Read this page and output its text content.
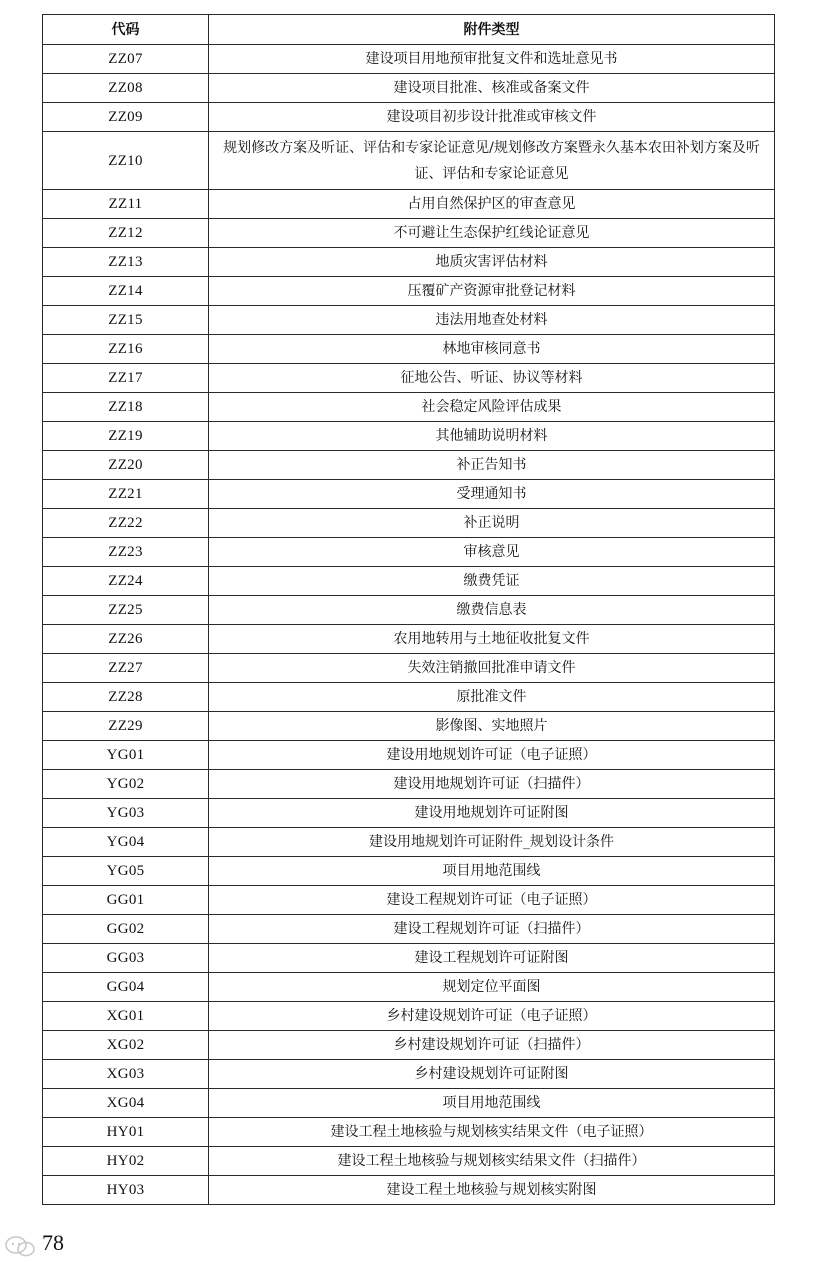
代码	附件类型
ZZ07	建设项目用地预审批复文件和选址意见书
ZZ08	建设项目批准、核准或备案文件
ZZ09	建设项目初步设计批准或审核文件
ZZ10	规划修改方案及听证、评估和专家论证意见/规划修改方案暨永久基本农田补划方案及听证、评估和专家论证意见
ZZ11	占用自然保护区的审查意见
ZZ12	不可避让生态保护红线论证意见
ZZ13	地质灾害评估材料
ZZ14	压覆矿产资源审批登记材料
ZZ15	违法用地查处材料
ZZ16	林地审核同意书
ZZ17	征地公告、听证、协议等材料
ZZ18	社会稳定风险评估成果
ZZ19	其他辅助说明材料
ZZ20	补正告知书
ZZ21	受理通知书
ZZ22	补正说明
ZZ23	审核意见
ZZ24	缴费凭证
ZZ25	缴费信息表
ZZ26	农用地转用与土地征收批复文件
ZZ27	失效注销撤回批准申请文件
ZZ28	原批准文件
ZZ29	影像图、实地照片
YG01	建设用地规划许可证（电子证照）
YG02	建设用地规划许可证（扫描件）
YG03	建设用地规划许可证附图
YG04	建设用地规划许可证附件_规划设计条件
YG05	项目用地范围线
GG01	建设工程规划许可证（电子证照）
GG02	建设工程规划许可证（扫描件）
GG03	建设工程规划许可证附图
GG04	规划定位平面图
XG01	乡村建设规划许可证（电子证照）
XG02	乡村建设规划许可证（扫描件）
XG03	乡村建设规划许可证附图
XG04	项目用地范围线
HY01	建设工程土地核验与规划核实结果文件（电子证照）
HY02	建设工程土地核验与规划核实结果文件（扫描件）
HY03	建设工程土地核验与规划核实附图
78
